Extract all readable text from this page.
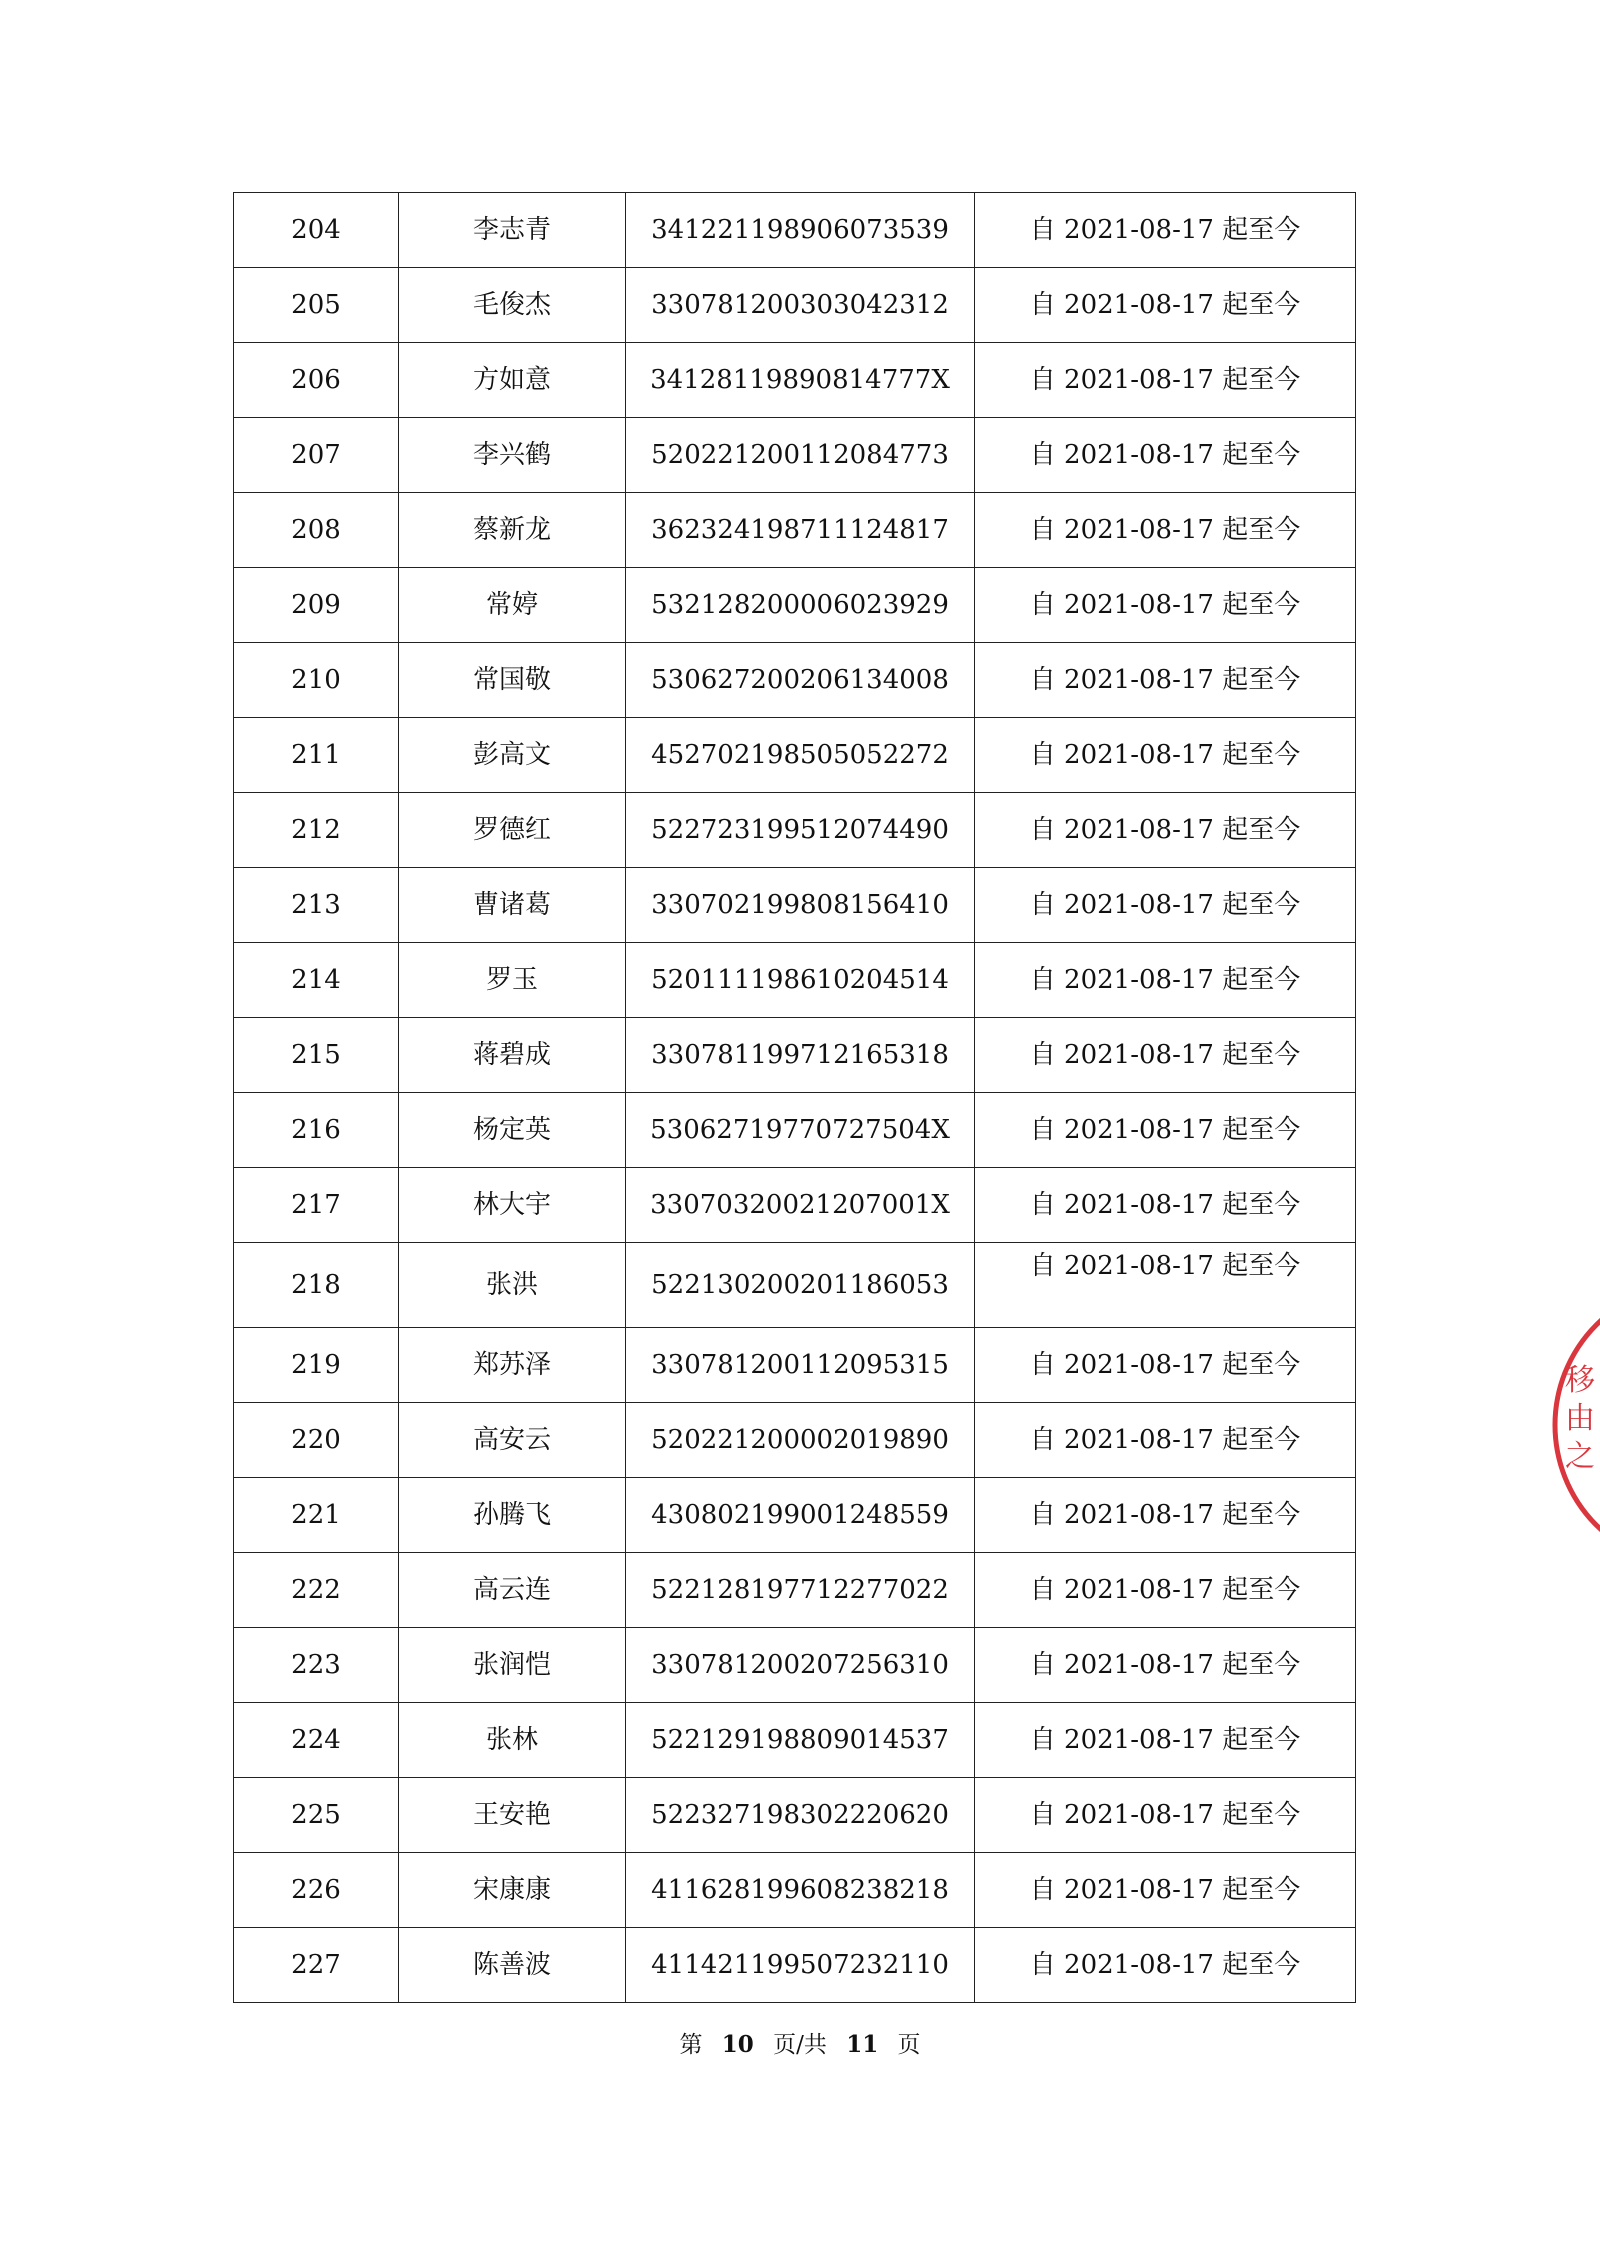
204	李志青	341221198906073539	自 2021-08-17 起至今
205	毛俊杰	330781200303042312	自 2021-08-17 起至今
206	方如意	34128119890814777X	自 2021-08-17 起至今
207	李兴鹤	520221200112084773	自 2021-08-17 起至今
208	蔡新龙	362324198711124817	自 2021-08-17 起至今
209	常婷	532128200006023929	自 2021-08-17 起至今
210	常国敬	530627200206134008	自 2021-08-17 起至今
211	彭高文	452702198505052272	自 2021-08-17 起至今
212	罗德红	522723199512074490	自 2021-08-17 起至今
213	曹诸葛	330702199808156410	自 2021-08-17 起至今
214	罗玉	520111198610204514	自 2021-08-17 起至今
215	蒋碧成	330781199712165318	自 2021-08-17 起至今
216	杨定英	53062719770727504X	自 2021-08-17 起至今
217	林大宇	33070320021207001X	自 2021-08-17 起至今
218	张洪	522130200201186053	自 2021-08-17 起至今
219	郑苏泽	330781200112095315	自 2021-08-17 起至今
220	高安云	520221200002019890	自 2021-08-17 起至今
221	孙腾飞	430802199001248559	自 2021-08-17 起至今
222	高云连	522128197712277022	自 2021-08-17 起至今
223	张润恺	330781200207256310	自 2021-08-17 起至今
224	张林	522129198809014537	自 2021-08-17 起至今
225	王安艳	522327198302220620	自 2021-08-17 起至今
226	宋康康	411628199608238218	自 2021-08-17 起至今
227	陈善波	411421199507232110	自 2021-08-17 起至今
第 10 页/共 11 页
移
由
之
